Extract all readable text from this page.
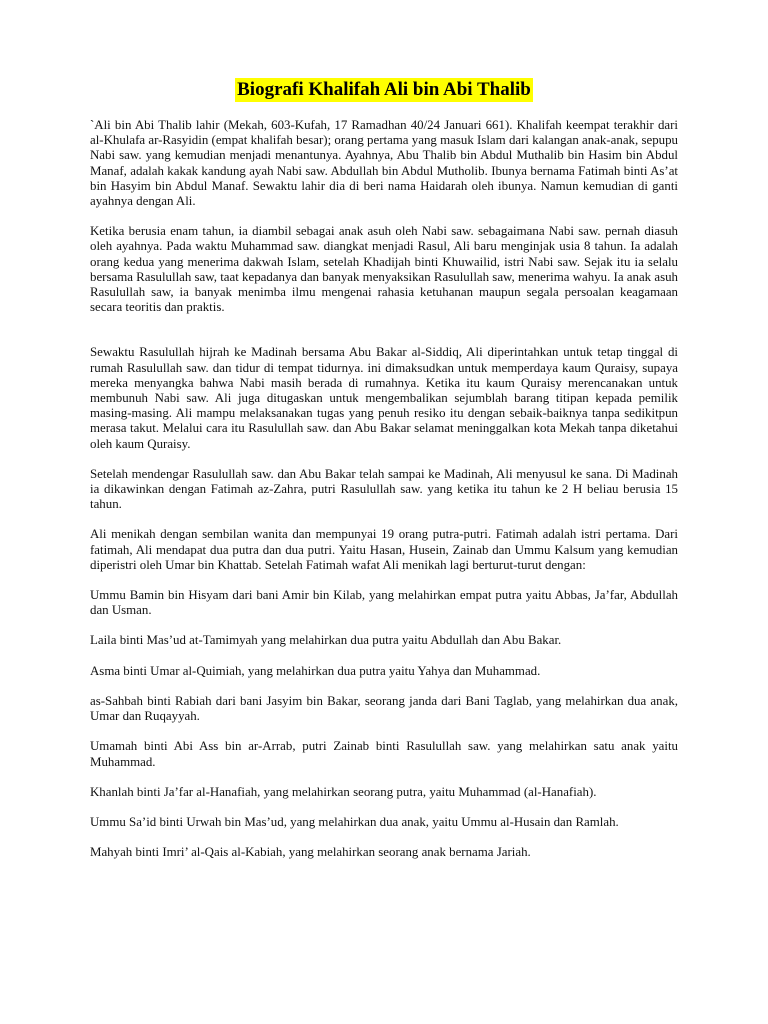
Biografi Khalifah Ali bin Abi Thalib

`Ali bin Abi Thalib lahir (Mekah, 603-Kufah, 17 Ramadhan 40/24 Januari 661). Khalifah keempat terakhir dari al-Khulafa ar-Rasyidin (empat khalifah besar); orang pertama yang masuk Islam dari kalangan anak-anak, sepupu Nabi saw. yang kemudian menjadi menantunya. Ayahnya, Abu Thalib bin Abdul Muthalib bin Hasim bin Abdul Manaf, adalah kakak kandung ayah Nabi saw. Abdullah bin Abdul Mutholib. Ibunya bernama Fatimah binti As’at bin Hasyim bin Abdul Manaf. Sewaktu lahir dia di beri nama Haidarah oleh ibunya. Namun kemudian di ganti ayahnya dengan Ali.

Ketika berusia enam tahun, ia diambil sebagai anak asuh oleh Nabi saw. sebagaimana Nabi saw. pernah diasuh oleh ayahnya. Pada waktu Muhammad saw. diangkat menjadi Rasul, Ali baru menginjak usia 8 tahun. Ia adalah orang kedua yang menerima dakwah Islam, setelah Khadijah binti Khuwailid, istri Nabi saw. Sejak itu ia selalu bersama Rasulullah saw, taat kepadanya dan banyak menyaksikan Rasulullah saw, menerima wahyu. Ia anak asuh Rasulullah saw, ia banyak menimba ilmu mengenai rahasia ketuhanan maupun segala persoalan keagamaan secara teoritis dan praktis.

Sewaktu Rasulullah hijrah ke Madinah bersama Abu Bakar al-Siddiq, Ali diperintahkan untuk tetap tinggal di rumah Rasulullah saw. dan tidur di tempat tidurnya. ini dimaksudkan untuk memperdaya kaum Quraisy, supaya mereka menyangka bahwa Nabi masih berada di rumahnya. Ketika itu kaum Quraisy merencanakan untuk membunuh Nabi saw. Ali juga ditugaskan untuk mengembalikan sejumblah barang titipan kepada pemilik masing-masing. Ali mampu melaksanakan tugas yang penuh resiko itu dengan sebaik-baiknya tanpa sedikitpun merasa takut. Melalui cara itu Rasulullah saw. dan Abu Bakar selamat meninggalkan kota Mekah tanpa diketahui oleh kaum Quraisy.

Setelah mendengar Rasulullah saw. dan Abu Bakar telah sampai ke Madinah, Ali menyusul ke sana. Di Madinah ia dikawinkan dengan Fatimah az-Zahra, putri Rasulullah saw. yang ketika itu tahun ke 2 H beliau berusia 15 tahun.

Ali menikah dengan sembilan wanita dan mempunyai 19 orang putra-putri. Fatimah adalah istri pertama. Dari fatimah, Ali mendapat dua putra dan dua putri. Yaitu Hasan, Husein, Zainab dan Ummu Kalsum yang kemudian diperistri oleh Umar bin Khattab. Setelah Fatimah wafat Ali menikah lagi berturut-turut dengan:

Ummu Bamin bin Hisyam dari bani Amir bin Kilab, yang melahirkan empat putra yaitu Abbas, Ja’far, Abdullah dan Usman.

Laila binti Mas’ud at-Tamimyah yang melahirkan dua putra yaitu Abdullah dan Abu Bakar.

Asma binti Umar al-Quimiah, yang melahirkan dua putra yaitu Yahya dan Muhammad.

as-Sahbah binti Rabiah dari bani Jasyim bin Bakar, seorang janda dari Bani Taglab, yang melahirkan dua anak, Umar dan Ruqayyah.

Umamah binti Abi Ass bin ar-Arrab, putri Zainab binti Rasulullah saw. yang melahirkan satu anak yaitu Muhammad.

Khanlah binti Ja’far al-Hanafiah, yang melahirkan seorang putra, yaitu Muhammad (al-Hanafiah).

Ummu Sa’id binti Urwah bin Mas’ud, yang melahirkan dua anak, yaitu Ummu al-Husain dan Ramlah.

Mahyah binti Imri’ al-Qais al-Kabiah, yang melahirkan seorang anak bernama Jariah.
